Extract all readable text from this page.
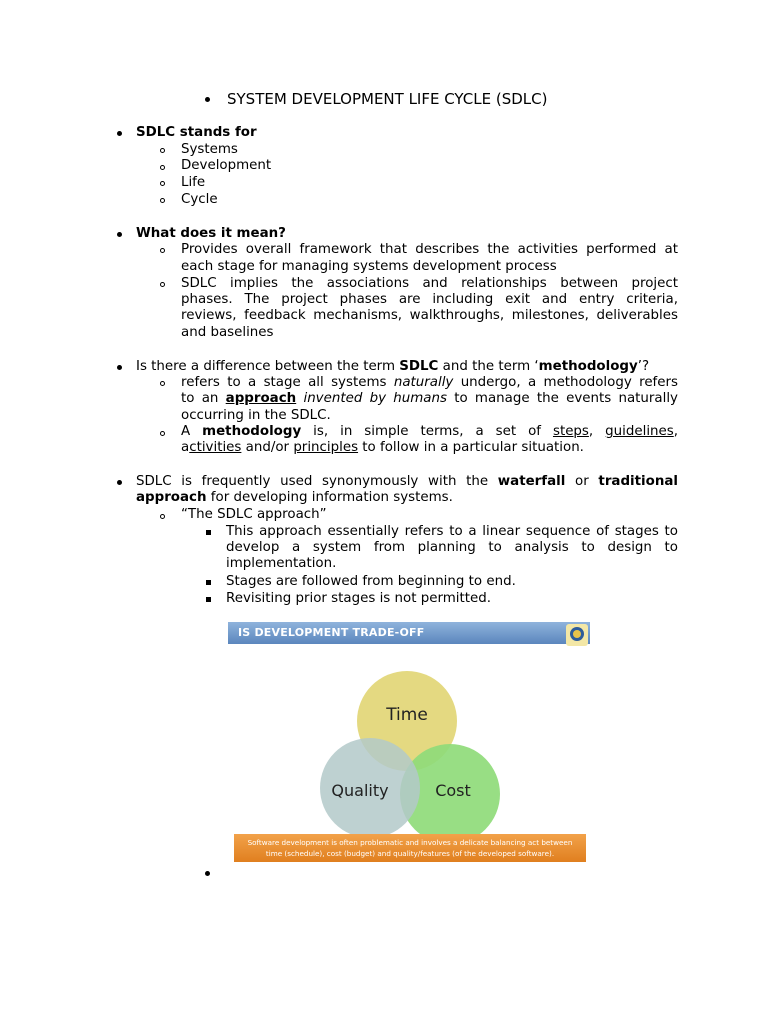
SYSTEM DEVELOPMENT LIFE CYCLE (SDLC)
SDLC stands for
Systems
Development
Life
Cycle
What does it mean?
Provides overall framework that describes the activities performed at
each stage for managing systems development process
SDLC implies the associations and relationships between project
phases. The project phases are including exit and entry criteria,
reviews, feedback mechanisms, walkthroughs, milestones, deliverables
and baselines
Is there a difference between the term SDLC and the term ‘methodology’?
refers to a stage all systems naturally undergo, a methodology refers
to an approach invented by humans to manage the events naturally
occurring in the SDLC.
A methodology is, in simple terms, a set of steps, guidelines,
activities and/or principles to follow in a particular situation.
SDLC is frequently used synonymously with the waterfall or traditional
approach for developing information systems.
“The SDLC approach”
This approach essentially refers to a linear sequence of stages to
develop a system from planning to analysis to design to
implementation.
Stages are followed from beginning to end.
Revisiting prior stages is not permitted.
IS DEVELOPMENT TRADE-OFF
Time
Quality	Cost
Software development is often problematic and involves a delicate balancing act between
time (schedule), cost (budget) and quality/features (of the developed software).
